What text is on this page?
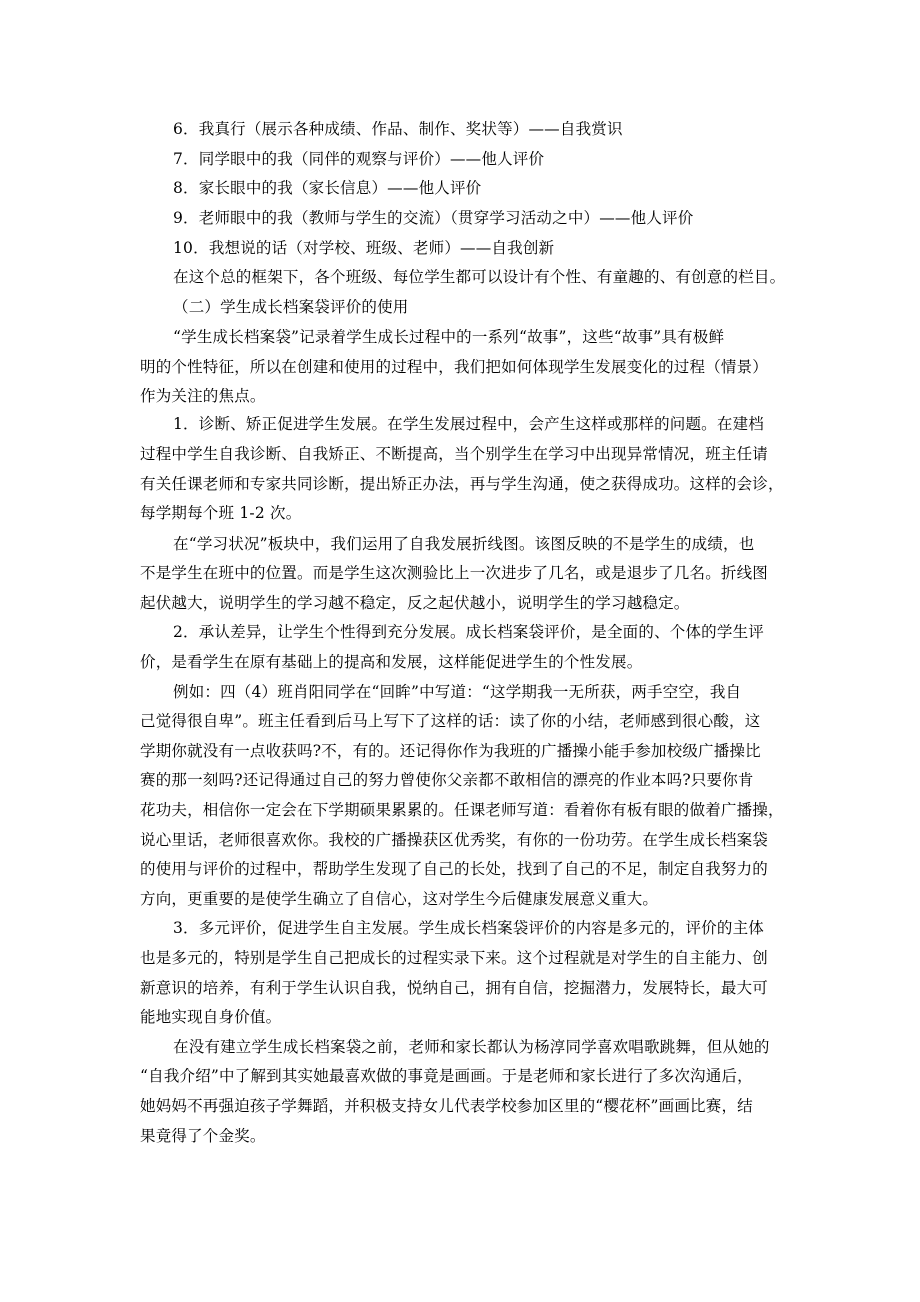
6．我真行（展示各种成绩、作品、制作、奖状等）——自我赏识
7．同学眼中的我（同伴的观察与评价）——他人评价
8．家长眼中的我（家长信息）——他人评价
9．老师眼中的我（教师与学生的交流）（贯穿学习活动之中）——他人评价
10．我想说的话（对学校、班级、老师）——自我创新
在这个总的框架下，各个班级、每位学生都可以设计有个性、有童趣的、有创意的栏目。
（二）学生成长档案袋评价的使用
“学生成长档案袋”记录着学生成长过程中的一系列“故事”，这些“故事”具有极鲜
明的个性特征，所以在创建和使用的过程中，我们把如何体现学生发展变化的过程（情景）
作为关注的焦点。
1．诊断、矫正促进学生发展。在学生发展过程中，会产生这样或那样的问题。在建档
过程中学生自我诊断、自我矫正、不断提高，当个别学生在学习中出现异常情况，班主任请
有关任课老师和专家共同诊断，提出矫正办法，再与学生沟通，使之获得成功。这样的会诊，
每学期每个班 1-2 次。
在“学习状况”板块中，我们运用了自我发展折线图。该图反映的不是学生的成绩，也
不是学生在班中的位置。而是学生这次测验比上一次进步了几名，或是退步了几名。折线图
起伏越大，说明学生的学习越不稳定，反之起伏越小，说明学生的学习越稳定。
2．承认差异，让学生个性得到充分发展。成长档案袋评价，是全面的、个体的学生评
价，是看学生在原有基础上的提高和发展，这样能促进学生的个性发展。
例如：四（4）班肖阳同学在“回眸”中写道：“这学期我一无所获，两手空空，我自
己觉得很自卑”。班主任看到后马上写下了这样的话：读了你的小结，老师感到很心酸，这
学期你就没有一点收获吗?不，有的。还记得你作为我班的广播操小能手参加校级广播操比
赛的那一刻吗?还记得通过自己的努力曾使你父亲都不敢相信的漂亮的作业本吗?只要你肯
花功夫，相信你一定会在下学期硕果累累的。任课老师写道：看着你有板有眼的做着广播操，
说心里话，老师很喜欢你。我校的广播操获区优秀奖，有你的一份功劳。在学生成长档案袋
的使用与评价的过程中，帮助学生发现了自己的长处，找到了自己的不足，制定自我努力的
方向，更重要的是使学生确立了自信心，这对学生今后健康发展意义重大。
3．多元评价，促进学生自主发展。学生成长档案袋评价的内容是多元的，评价的主体
也是多元的，特别是学生自己把成长的过程实录下来。这个过程就是对学生的自主能力、创
新意识的培养，有利于学生认识自我，悦纳自己，拥有自信，挖掘潜力，发展特长，最大可
能地实现自身价值。
在没有建立学生成长档案袋之前，老师和家长都认为杨淳同学喜欢唱歌跳舞，但从她的
“自我介绍”中了解到其实她最喜欢做的事竟是画画。于是老师和家长进行了多次沟通后，
她妈妈不再强迫孩子学舞蹈，并积极支持女儿代表学校参加区里的“樱花杯”画画比赛，结
果竟得了个金奖。
